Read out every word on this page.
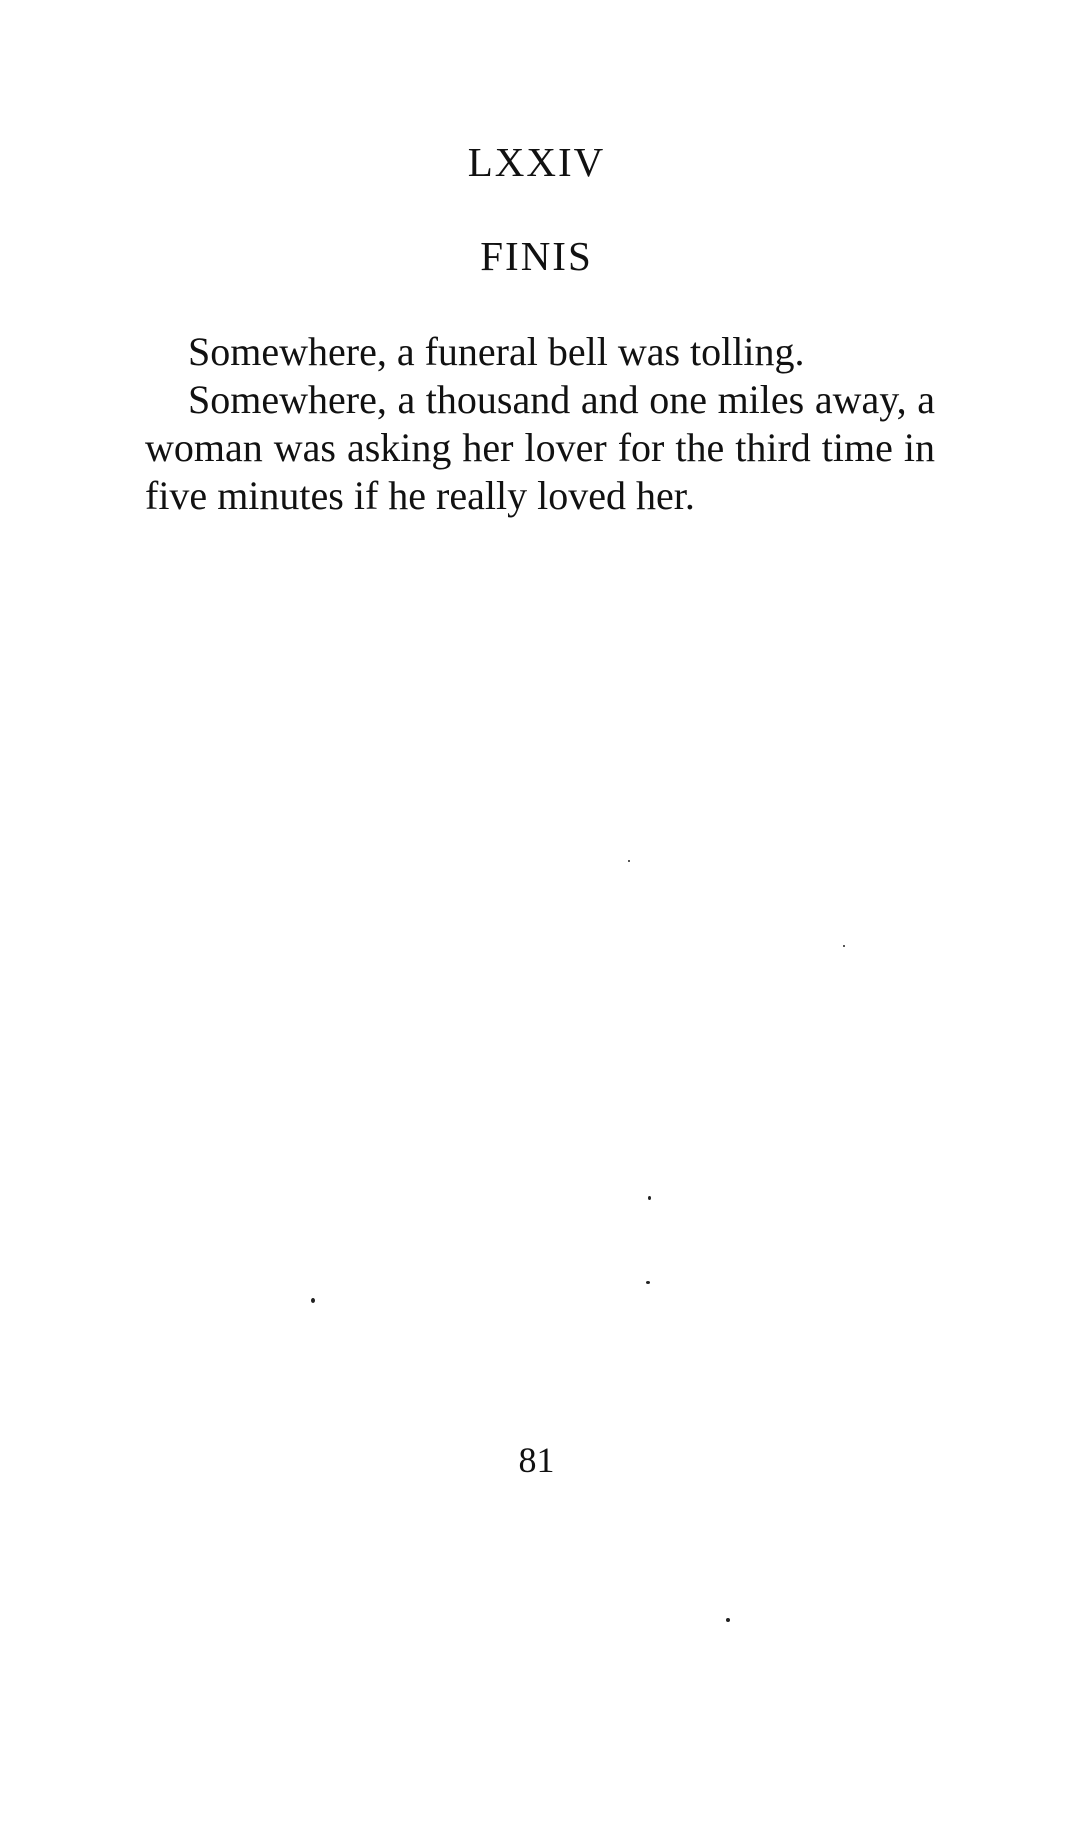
LXXIV
FINIS

Somewhere, a funeral bell was tolling.

Somewhere, a thousand and one miles away, a woman was asking her lover for the third time in five minutes if he really loved her.

81
